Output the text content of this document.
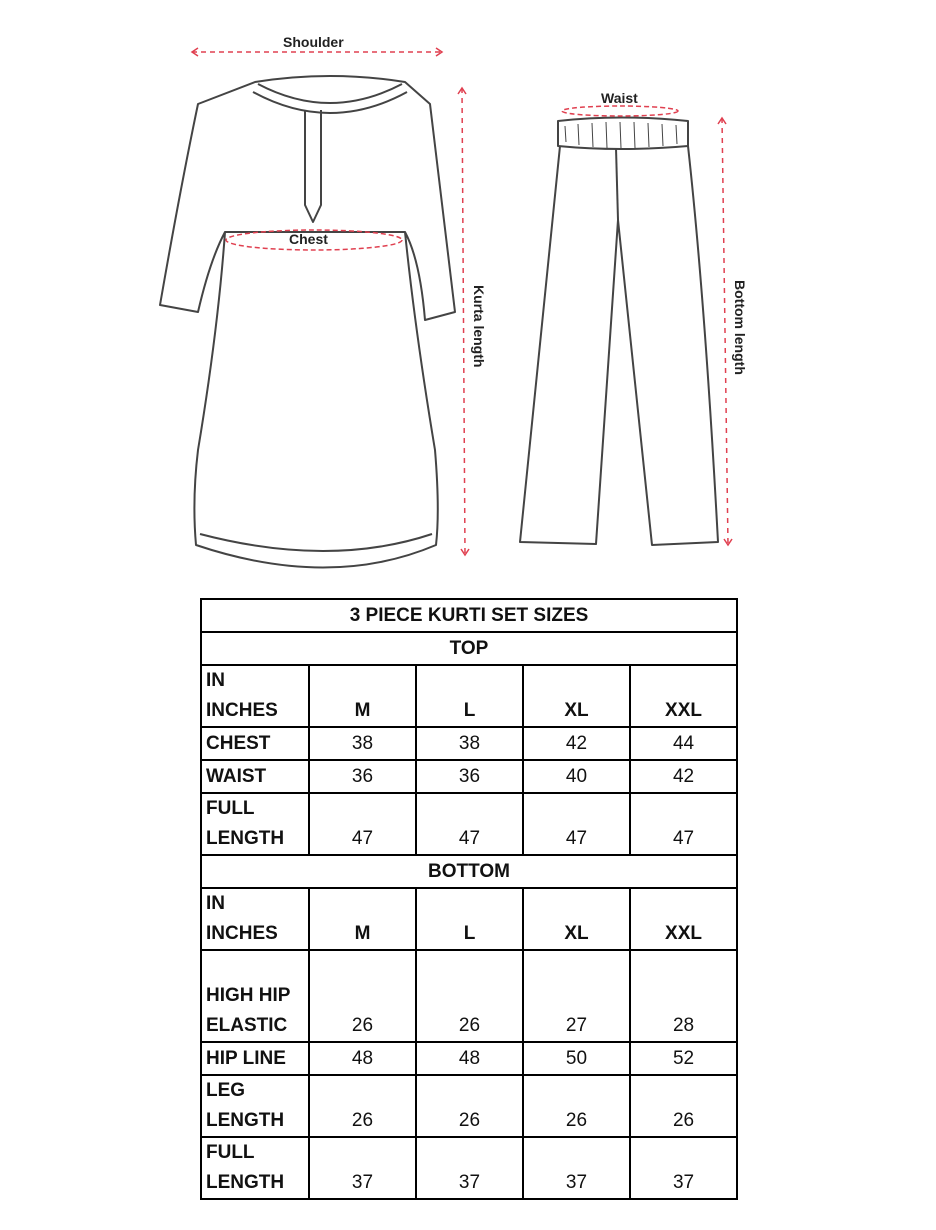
Shoulder
Chest
Kurta length
Waist
Bottom length
3 PIECE KURTI SET SIZES				
TOP				
IN
INCHES	M	L	XL	XXL
CHEST	38	38	42	44
WAIST	36	36	40	42
FULL
LENGTH	47	47	47	47
BOTTOM				
IN
INCHES	M	L	XL	XXL
HIGH HIP
ELASTIC	26	26	27	28
HIP LINE	48	48	50	52
LEG
LENGTH	26	26	26	26
FULL
LENGTH	37	37	37	37
